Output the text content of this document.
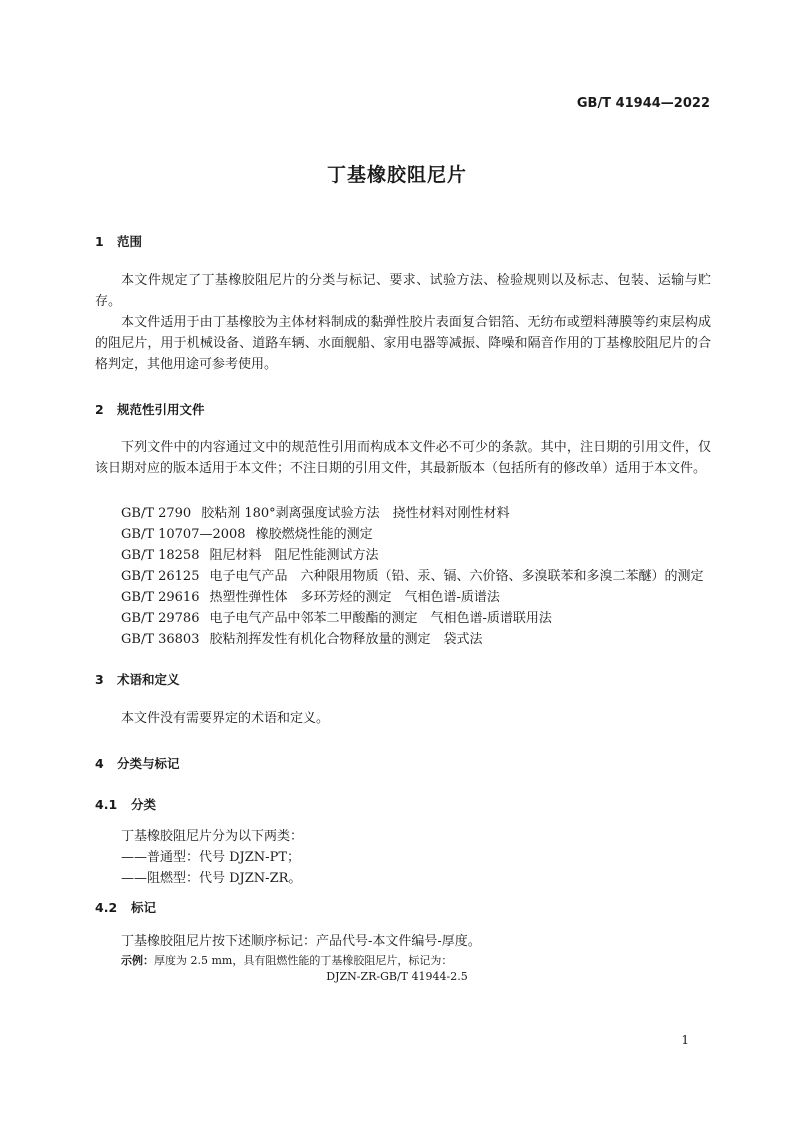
GB/T 41944—2022
丁基橡胶阻尼片
1 范围
本文件规定了丁基橡胶阻尼片的分类与标记、要求、试验方法、检验规则以及标志、包装、运输与贮存。
本文件适用于由丁基橡胶为主体材料制成的黏弹性胶片表面复合铝箔、无纺布或塑料薄膜等约束层构成的阻尼片，用于机械设备、道路车辆、水面舰船、家用电器等减振、降噪和隔音作用的丁基橡胶阻尼片的合格判定，其他用途可参考使用。
2 规范性引用文件
下列文件中的内容通过文中的规范性引用而构成本文件必不可少的条款。其中，注日期的引用文件，仅该日期对应的版本适用于本文件；不注日期的引用文件，其最新版本（包括所有的修改单）适用于本文件。
GB/T 2790 胶粘剂 180°剥离强度试验方法　挠性材料对刚性材料
GB/T 10707—2008 橡胶燃烧性能的测定
GB/T 18258 阻尼材料　阻尼性能测试方法
GB/T 26125 电子电气产品　六种限用物质（铅、汞、镉、六价铬、多溴联苯和多溴二苯醚）的测定
GB/T 29616 热塑性弹性体　多环芳烃的测定　气相色谱-质谱法
GB/T 29786 电子电气产品中邻苯二甲酸酯的测定　气相色谱-质谱联用法
GB/T 36803 胶粘剂挥发性有机化合物释放量的测定　袋式法
3 术语和定义
本文件没有需要界定的术语和定义。
4 分类与标记
4.1 分类
丁基橡胶阻尼片分为以下两类：
——普通型：代号 DJZN-PT；
——阻燃型：代号 DJZN-ZR。
4.2 标记
丁基橡胶阻尼片按下述顺序标记：产品代号-本文件编号-厚度。
示例：厚度为 2.5 mm，具有阻燃性能的丁基橡胶阻尼片，标记为：
DJZN-ZR-GB/T 41944-2.5
1
